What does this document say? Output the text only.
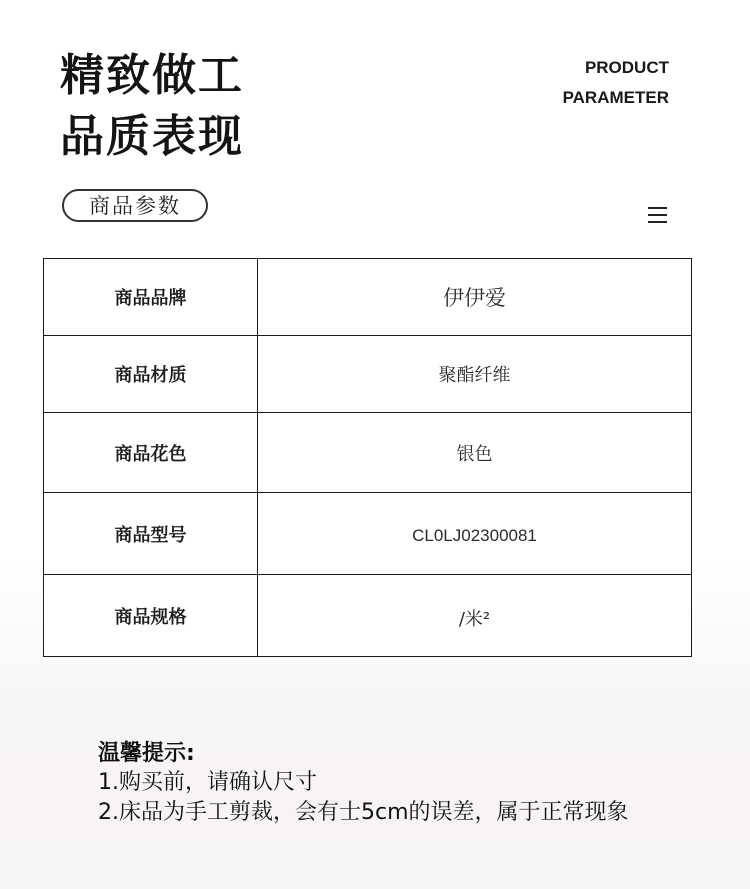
精致做工
品质表现
PRODUCT
PARAMETER
商品参数
商品品牌	伊伊爱
商品材质	聚酯纤维
商品花色	银色
商品型号	CL0LJ02300081
商品规格	/米²
温馨提示:
1.购买前，请确认尺寸
2.床品为手工剪裁，会有士5cm的误差，属于正常现象
